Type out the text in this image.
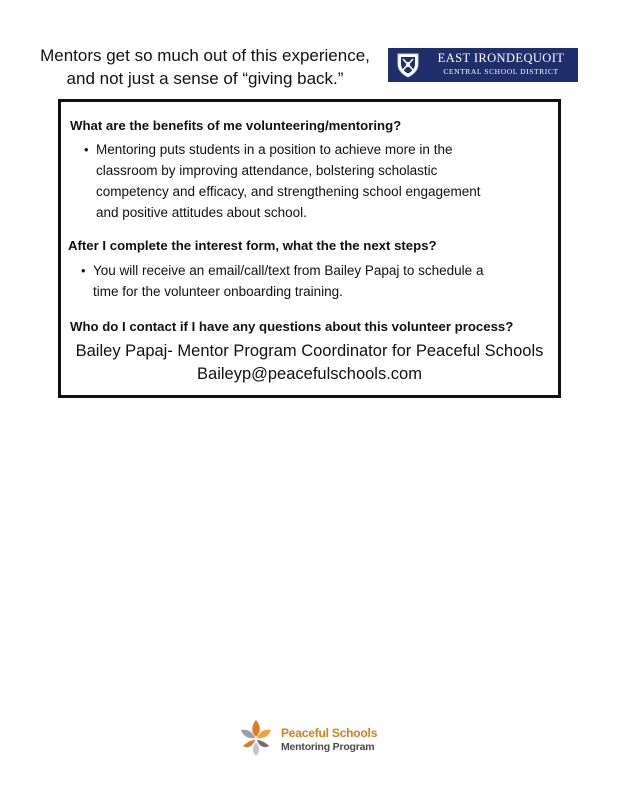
Mentors get so much out of this experience,
and not just a sense of “giving back.”
EAST IRONDEQUOIT
CENTRAL SCHOOL DISTRICT
What are the benefits of me volunteering/mentoring?
• Mentoring puts students in a position to achieve more in the
classroom by improving attendance, bolstering scholastic
competency and efficacy, and strengthening school engagement
and positive attitudes about school.
After I complete the interest form, what the the next steps?
• You will receive an email/call/text from Bailey Papaj to schedule a
time for the volunteer onboarding training.
Who do I contact if I have any questions about this volunteer process?
Bailey Papaj- Mentor Program Coordinator for Peaceful Schools
Baileyp@peacefulschools.com
Peaceful Schools
Mentoring Program
